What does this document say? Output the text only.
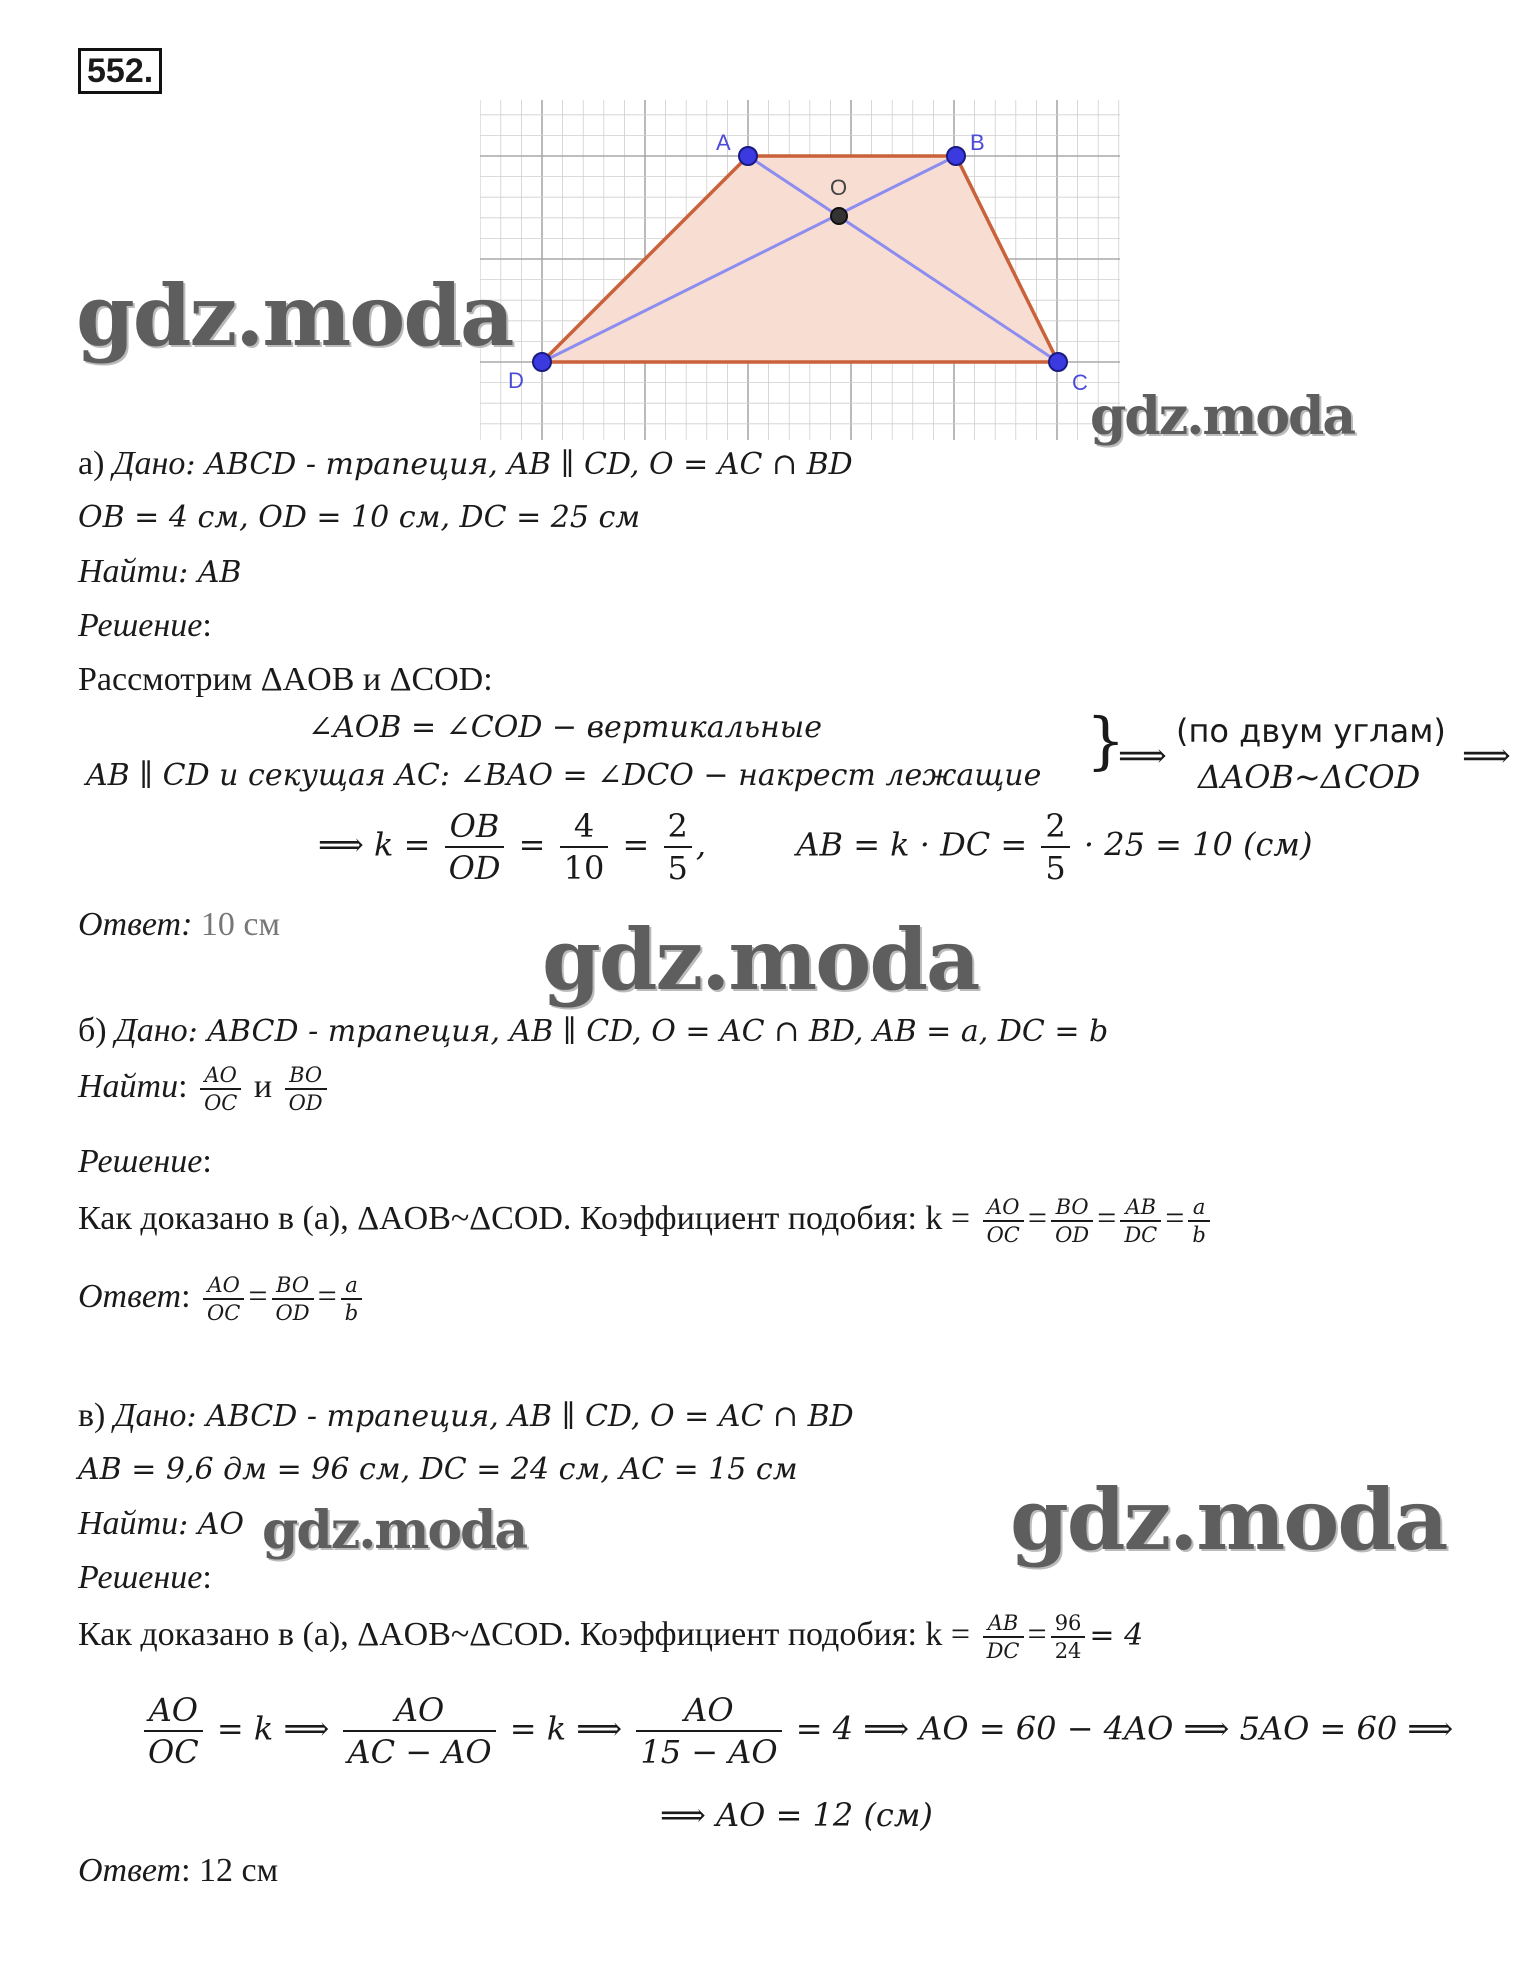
552.
A	B
O
C
D
gdz.moda
gdz.moda
gdz.moda
gdz.moda	gdz.moda
а) Дано: ABCD - трапеция, AB ∥ CD, O = AC ∩ BD
OB = 4 см, OD = 10 см, DC = 25 см
Найти: AB
Решение:
Рассмотрим ΔAOB и ΔCOD:
∠AOB = ∠COD − вертикальные
AB ∥ CD и секущая AC: ∠BAO = ∠DCO − накрест лежащие }
⟹
(по двум углам)
ΔAOB~ΔCOD
⟹
⟹ $k = \frac{OB}{OD} = \frac{4}{10} = \frac{2}{5}$ ,	AB = k · DC = $\frac{2}{5} \cdot 25 = 10$ (см)
Ответ: 10 см
б) Дано: ABCD - трапеция, AB ∥ CD, O = AC ∩ BD, AB = a, DC = b
Найти: $\frac{AO}{OC}$ и $\frac{BO}{OD}$
Решение:
Как доказано в (а), ΔAOB~ΔCOD. Коэффициент подобия: $k = \frac{AO}{OC} = \frac{BO}{OD} = \frac{AB}{DC} = \frac{a}{b}$
Ответ: $\frac{AO}{OC} = \frac{BO}{OD} = \frac{a}{b}$
в) Дано: ABCD - трапеция, AB ∥ CD, O = AC ∩ BD
AB = 9,6 дм = 96 см, DC = 24 см, AC = 15 см
Найти: AO
Решение:
Как доказано в (а), ΔAOB~ΔCOD. Коэффициент подобия: $k = \frac{AB}{DC} = \frac{96}{24} = 4$
$\frac{AO}{OC} = k$ ⟹ $\frac{AO}{AC - AO} = k$ ⟹ $\frac{AO}{15 - AO} = 4$ ⟹ AO = 60 − 4AO ⟹ 5AO = 60 ⟹
⟹ AO = 12 (см)
Ответ: 12 см
